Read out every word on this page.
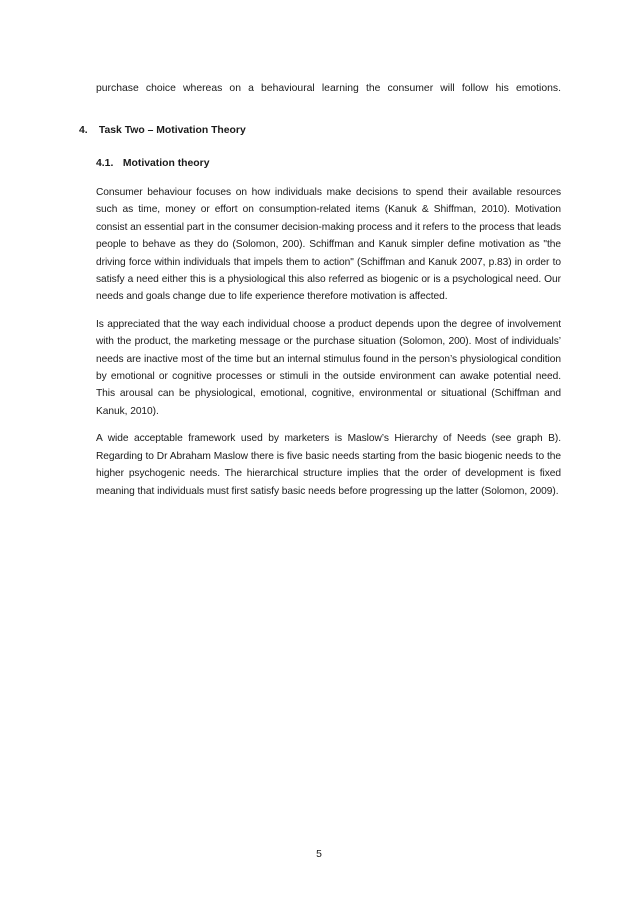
purchase choice whereas on a behavioural learning the consumer will follow his emotions.
4. Task Two – Motivation Theory
4.1. Motivation theory

Consumer behaviour focuses on how individuals make decisions to spend their available resources such as time, money or effort on consumption-related items (Kanuk & Shiffman, 2010). Motivation consist an essential part in the consumer decision-making process and it refers to the process that leads people to behave as they do (Solomon, 200). Schiffman and Kanuk simpler define motivation as "the driving force within individuals that impels them to action" (Schiffman and Kanuk 2007, p.83) in order to satisfy a need either this is a physiological this also referred as biogenic or is a psychological need. Our needs and goals change due to life experience therefore motivation is affected.

Is appreciated that the way each individual choose a product depends upon the degree of involvement with the product, the marketing message or the purchase situation (Solomon, 200). Most of individuals’ needs are inactive most of the time but an internal stimulus found in the person’s physiological condition by emotional or cognitive processes or stimuli in the outside environment can awake potential need. This arousal can be physiological, emotional, cognitive, environmental or situational (Schiffman and Kanuk, 2010).

A wide acceptable framework used by marketers is Maslow’s Hierarchy of Needs (see graph B). Regarding to Dr Abraham Maslow there is five basic needs starting from the basic biogenic needs to the higher psychogenic needs. The hierarchical structure implies that the order of development is fixed meaning that individuals must first satisfy basic needs before progressing up the latter (Solomon, 2009).

5
